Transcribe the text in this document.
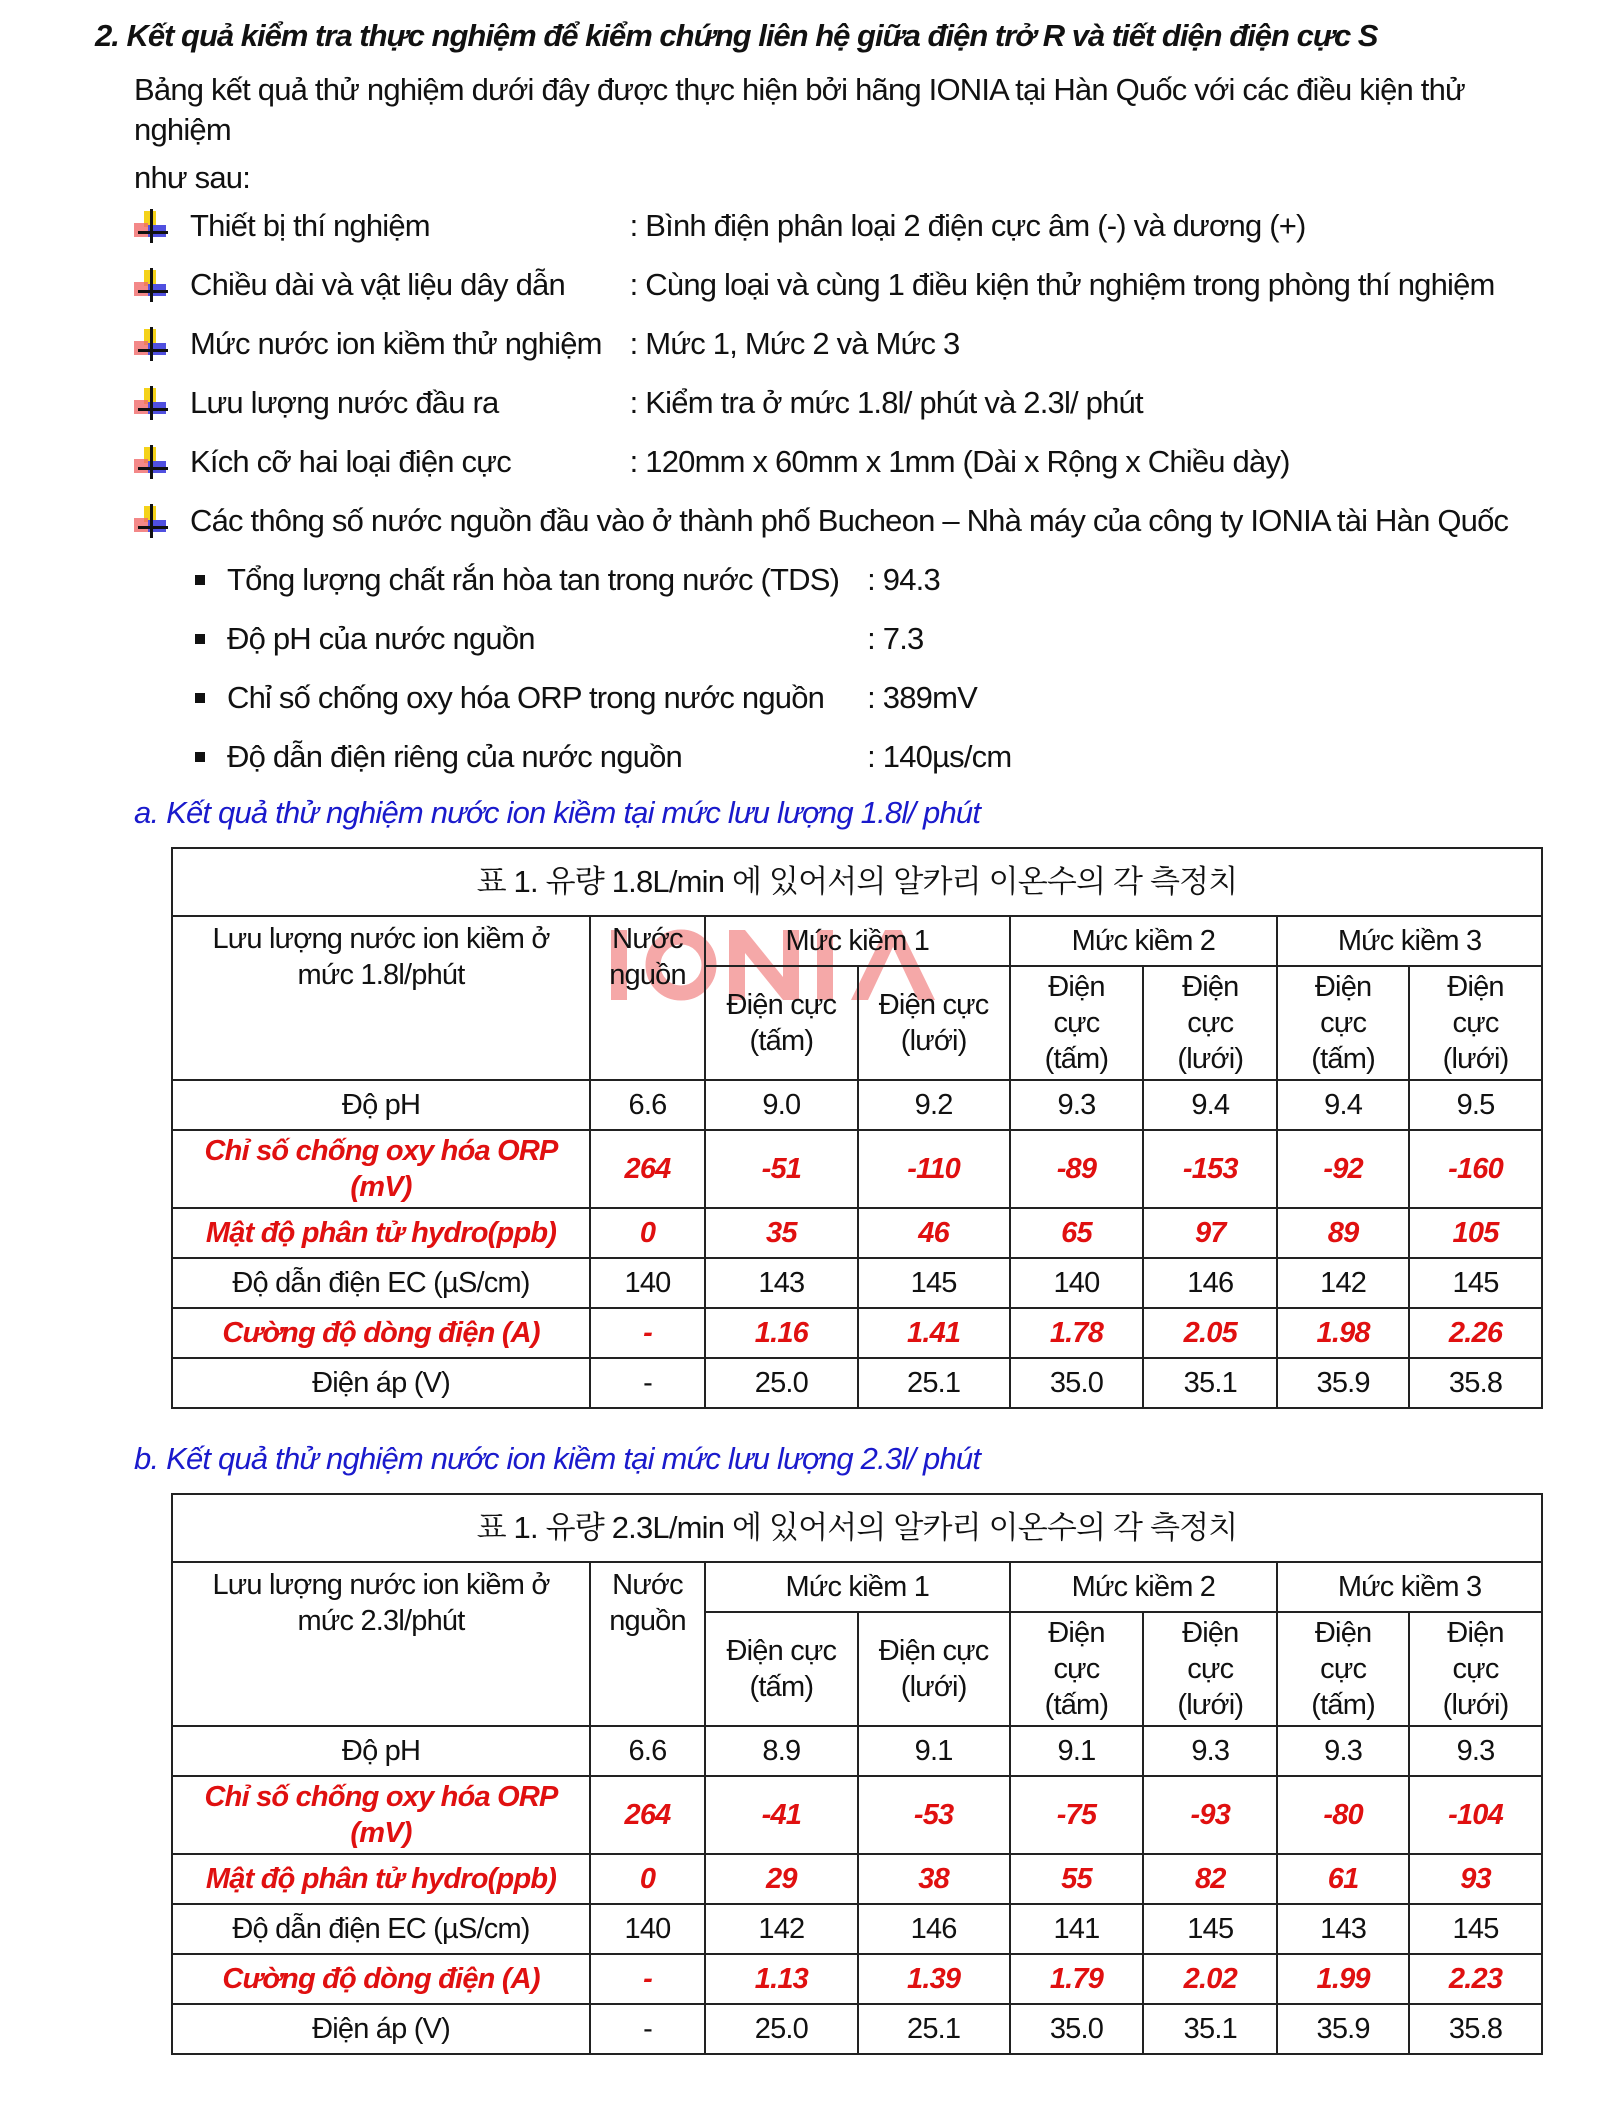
2. Kết quả kiểm tra thực nghiệm để kiểm chứng liên hệ giữa điện trở R và tiết diện điện cực S
Bảng kết quả thử nghiệm dưới đây được thực hiện bởi hãng IONIA tại Hàn Quốc với các điều kiện thử nghiệm
như sau:
Thiết bị thí nghiệm	: Bình điện phân loại 2 điện cực âm (-) và dương (+)
Chiều dài và vật liệu dây dẫn : Cùng loại và cùng 1 điều kiện thử nghiệm trong phòng thí nghiệm
Mức nước ion kiềm thử nghiệm : Mức 1, Mức 2 và Mức 3
Lưu lượng nước đầu ra	: Kiểm tra ở mức 1.8l/ phút và 2.3l/ phút
Kích cỡ hai loại điện cực	: 120mm x 60mm x 1mm (Dài x Rộng x Chiều dày)
Các thông số nước nguồn đầu vào ở thành phố Bucheon – Nhà máy của công ty IONIA tài Hàn Quốc
Tổng lượng chất rắn hòa tan trong nước (TDS) : 94.3
Độ pH của nước nguồn	: 7.3
Chỉ số chống oxy hóa ORP trong nước nguồn : 389mV
Độ dẫn điện riêng của nước nguồn	: 140µs/cm
a. Kết quả thử nghiệm nước ion kiềm tại mức lưu lượng 1.8l/ phút
표 1. 유량 1.8L/min 에 있어서의 알카리 이온수의 각 측정치							
Lưu lượng nước ion kiềm ở mức 1.8l/phút	Nước nguồn	Mức kiềm 1		Mức kiềm 2		Mức kiềm 3	
		Điện cực (tấm)	Điện cực (lưới)	Điện cực (tấm)	Điện cực (lưới)	Điện cực (tấm)	Điện cực (lưới)
Độ pH	6.6	9.0	9.2	9.3	9.4	9.4	9.5
Chỉ số chống oxy hóa ORP (mV)	264	-51	-110	-89	-153	-92	-160
Mật độ phân tử hydro(ppb)	0	35	46	65	97	89	105
Độ dẫn điện EC (µS/cm)	140	143	145	140	146	142	145
Cường độ dòng điện (A)	-	1.16	1.41	1.78	2.05	1.98	2.26
Điện áp (V)	-	25.0	25.1	35.0	35.1	35.9	35.8
b. Kết quả thử nghiệm nước ion kiềm tại mức lưu lượng 2.3l/ phút
표 1. 유량 2.3L/min 에 있어서의 알카리 이온수의 각 측정치							
Lưu lượng nước ion kiềm ở mức 2.3l/phút	Nước nguồn	Mức kiềm 1		Mức kiềm 2		Mức kiềm 3	
		Điện cực (tấm)	Điện cực (lưới)	Điện cực (tấm)	Điện cực (lưới)	Điện cực (tấm)	Điện cực (lưới)
Độ pH	6.6	8.9	9.1	9.1	9.3	9.3	9.3
Chỉ số chống oxy hóa ORP (mV)	264	-41	-53	-75	-93	-80	-104
Mật độ phân tử hydro(ppb)	0	29	38	55	82	61	93
Độ dẫn điện EC (µS/cm)	140	142	146	141	145	143	145
Cường độ dòng điện (A)	-	1.13	1.39	1.79	2.02	1.99	2.23
Điện áp (V)	-	25.0	25.1	35.0	35.1	35.9	35.8
